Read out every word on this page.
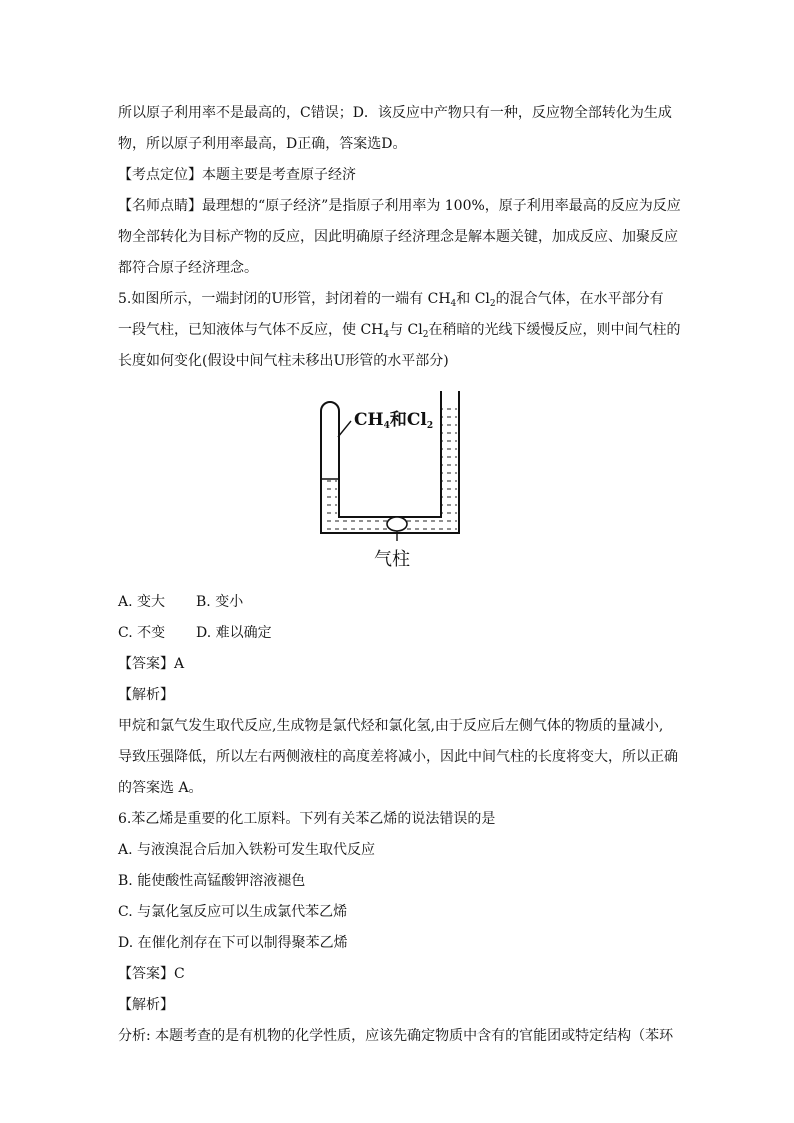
所以原子利用率不是最高的，C错误；D．该反应中产物只有一种，反应物全部转化为生成
物，所以原子利用率最高，D正确，答案选D。
【考点定位】本题主要是考查原子经济
【名师点睛】最理想的“原子经济”是指原子利用率为 100%，原子利用率最高的反应为反应
物全部转化为目标产物的反应，因此明确原子经济理念是解本题关键，加成反应、加聚反应
都符合原子经济理念。
5.如图所示，一端封闭的U形管，封闭着的一端有 $CH_4$和 $Cl_2$的混合气体，在水平部分有
一段气柱，已知液体与气体不反应，使 $CH_4$与 $Cl_2$在稍暗的光线下缓慢反应，则中间气柱的
长度如何变化(假设中间气柱未移出U形管的水平部分)
$CH_4$和$Cl_2$
气柱
A. 变大	B. 变小
C. 不变	D. 难以确定
【答案】A
【解析】
甲烷和氯气发生取代反应,生成物是氯代烃和氯化氢,由于反应后左侧气体的物质的量减小,
导致压强降低，所以左右两侧液柱的高度差将减小，因此中间气柱的长度将变大，所以正确
的答案选 A。
6.苯乙烯是重要的化工原料。下列有关苯乙烯的说法错误的是
A. 与液溴混合后加入铁粉可发生取代反应
B. 能使酸性高锰酸钾溶液褪色
C. 与氯化氢反应可以生成氯代苯乙烯
D. 在催化剂存在下可以制得聚苯乙烯
【答案】C
【解析】
分析: 本题考查的是有机物的化学性质，应该先确定物质中含有的官能团或特定结构（苯环
